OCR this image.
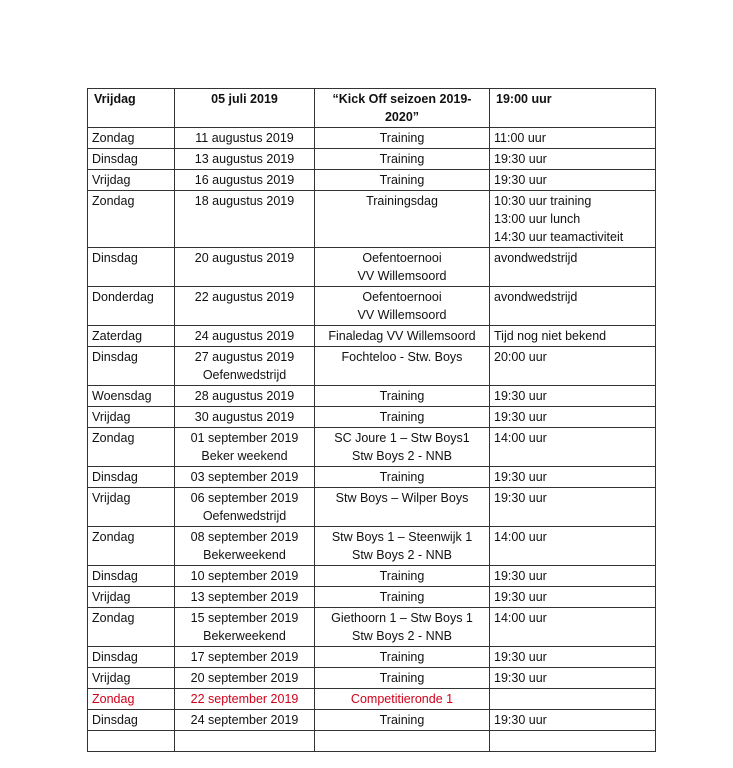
Vrijdag	05 juli 2019	“Kick Off seizoen 2019-
2020”	19:00 uur

Zondag	11 augustus 2019	Training	11:00 uur

Dinsdag	13 augustus 2019	Training	19:30 uur

Vrijdag	16 augustus 2019	Training	19:30 uur

Zondag	18 augustus 2019	Trainingsdag	10:30 uur training
13:00 uur lunch
14:30 uur teamactiviteit

Dinsdag	20 augustus 2019	Oefentoernooi
VV Willemsoord	avondwedstrijd

Donderdag	22 augustus 2019	Oefentoernooi
VV Willemsoord	avondwedstrijd

Zaterdag	24 augustus 2019	Finaledag VV Willemsoord	Tijd nog niet bekend

Dinsdag	27 augustus 2019
Oefenwedstrijd	Fochteloo - Stw. Boys	20:00 uur

Woensdag	28 augustus 2019	Training	19:30 uur

Vrijdag	30 augustus 2019	Training	19:30 uur

Zondag	01 september 2019
Beker weekend	SC Joure 1 – Stw Boys1
Stw Boys 2 - NNB	14:00 uur

Dinsdag	03 september 2019	Training	19:30 uur

Vrijdag	06 september 2019
Oefenwedstrijd	Stw Boys – Wilper Boys	19:30 uur

Zondag	08 september 2019
Bekerweekend	Stw Boys 1 – Steenwijk 1
Stw Boys 2 - NNB	14:00 uur

Dinsdag	10 september 2019	Training	19:30 uur

Vrijdag	13 september 2019	Training	19:30 uur

Zondag	15 september 2019
Bekerweekend	Giethoorn 1 – Stw Boys 1
Stw Boys 2 - NNB	14:00 uur

Dinsdag	17 september 2019	Training	19:30 uur

Vrijdag	20 september 2019	Training	19:30 uur

Zondag	22 september 2019	Competitieronde 1	

Dinsdag	24 september 2019	Training	19:30 uur
